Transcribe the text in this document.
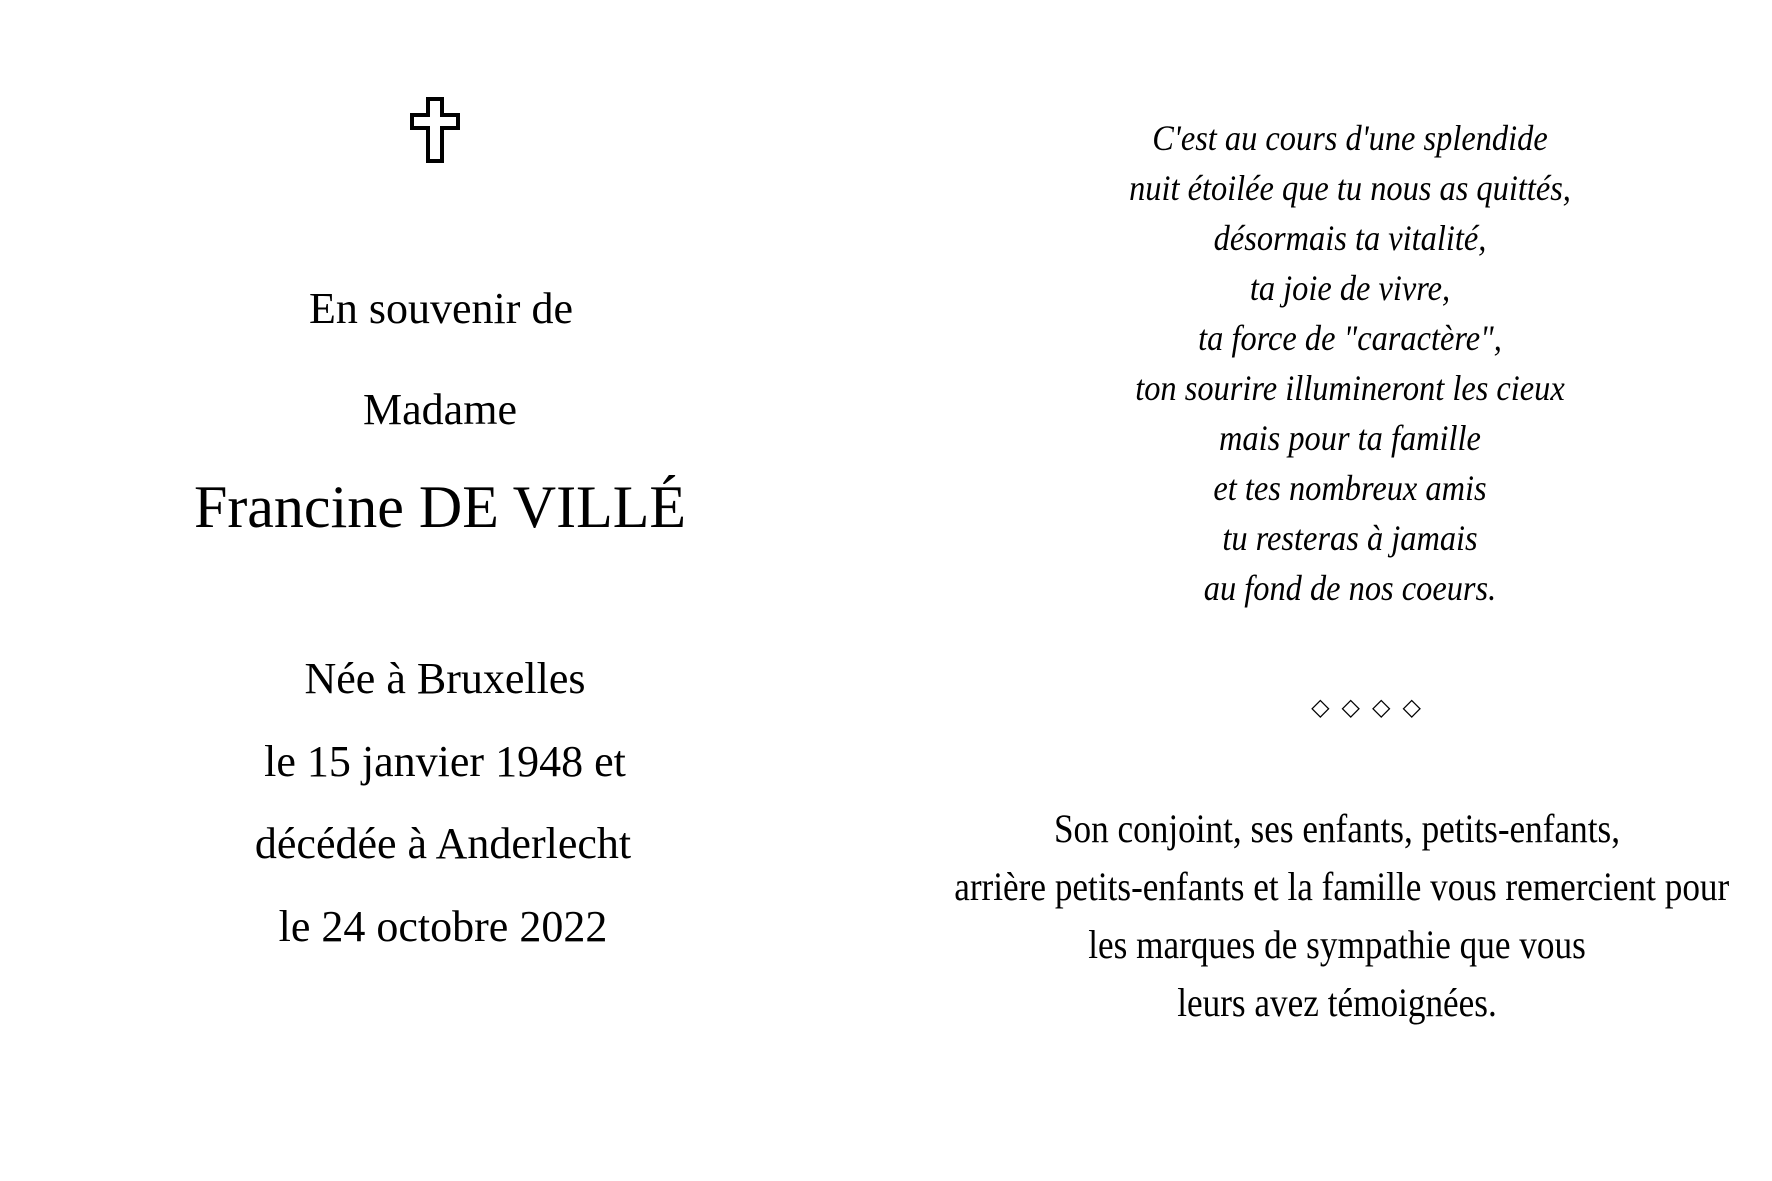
En souvenir de
Madame
Francine DE VILLÉ
Née à Bruxelles
le 15 janvier 1948 et
décédée à Anderlecht
le 24 octobre 2022
C'est au cours d'une splendide
nuit étoilée que tu nous as quittés,
désormais ta vitalité,
ta joie de vivre,
ta force de "caractère",
ton sourire illumineront les cieux
mais pour ta famille
et tes nombreux amis
tu resteras à jamais
au fond de nos coeurs.
◇◇◇◇
Son conjoint, ses enfants, petits-enfants,
arrière petits-enfants et la famille vous remercient pour
les marques de sympathie que vous
leurs avez témoignées.
